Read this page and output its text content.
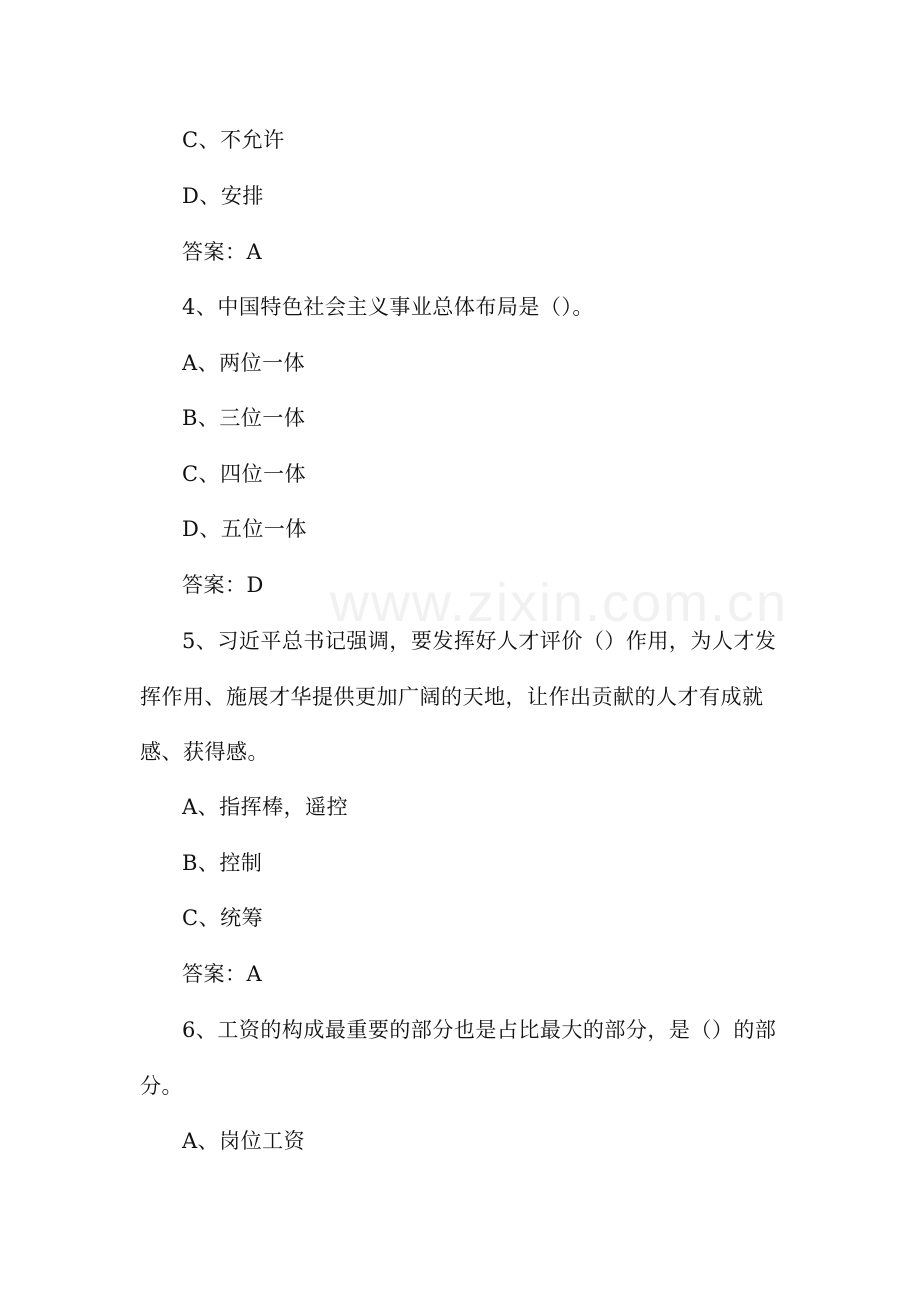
www.zixin.com.cn
C、不允许
D、安排
答案：A
4、中国特色社会主义事业总体布局是（）。
A、两位一体
B、三位一体
C、四位一体
D、五位一体
答案：D
5、习近平总书记强调，要发挥好人才评价（）作用，为人才发
挥作用、施展才华提供更加广阔的天地，让作出贡献的人才有成就
感、获得感。
A、指挥棒，遥控
B、控制
C、统筹
答案：A
6、工资的构成最重要的部分也是占比最大的部分，是（）的部
分。
A、岗位工资
